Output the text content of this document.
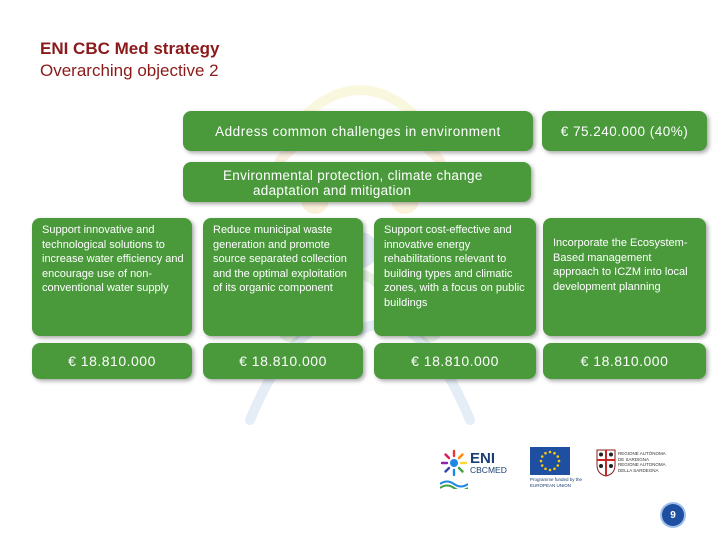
ENI CBC Med strategy
Overarching objective 2
Address common challenges in environment	€ 75.240.000 (40%)
Environmental protection, climate change
adaptation and mitigation
Support innovative and technological solutions to increase water efficiency and encourage use of non-conventional water supply
Reduce municipal waste generation and promote source separated collection and the optimal exploitation of its organic component
Support cost-effective and innovative energy rehabilitations relevant to building types and climatic zones, with a focus on public buildings
Incorporate the Ecosystem-Based management approach to ICZM into local development planning
€ 18.810.000	€ 18.810.000	€ 18.810.000	€ 18.810.000
ENI
CBCMED
Programme funded by the EUROPEAN UNION
REGIONE AUTÒNOMA DE SARDIGNA REGIONE AUTONOMA DELLA SARDEGNA
9
